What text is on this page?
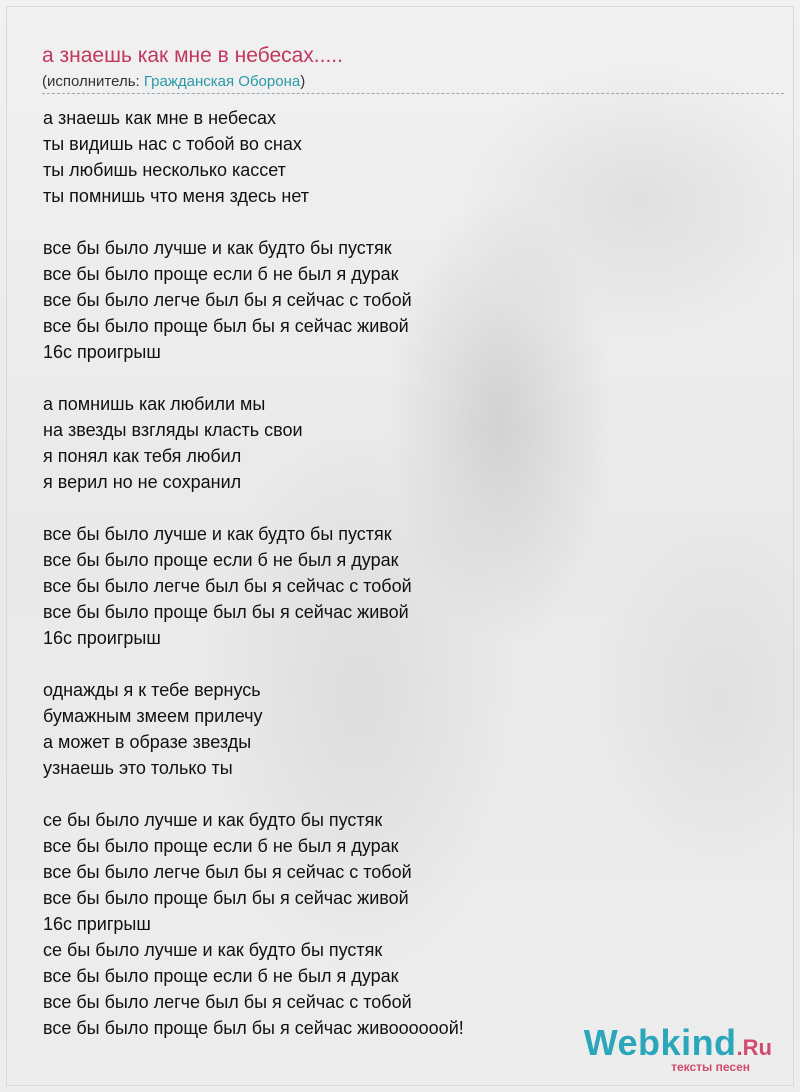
а знаешь как мне в небесах.....
(исполнитель: Гражданская Оборона)
а знаешь как мне в небесах
ты видишь нас с тобой во снах
ты любишь несколько кассет
ты помнишь что меня здесь нет
все бы было лучше и как будто бы пустяк
все бы было проще если б не был я дурак
все бы было легче был бы я сейчас с тобой
все бы было проще был бы я сейчас живой
16с проигрыш
а помнишь как любили мы
на звезды взгляды класть свои
я понял как тебя любил
я верил но не сохранил
все бы было лучше и как будто бы пустяк
все бы было проще если б не был я дурак
все бы было легче был бы я сейчас с тобой
все бы было проще был бы я сейчас живой
16с проигрыш
однажды я к тебе вернусь
бумажным змеем прилечу
а может в образе звезды
узнаешь это только ты
се бы было лучше и как будто бы пустяк
все бы было проще если б не был я дурак
все бы было легче был бы я сейчас с тобой
все бы было проще был бы я сейчас живой
16с пригрыш
се бы было лучше и как будто бы пустяк
все бы было проще если б не был я дурак
все бы было легче был бы я сейчас с тобой
все бы было проще был бы я сейчас живоооооой!	Webkind.Ru
тексты песен
